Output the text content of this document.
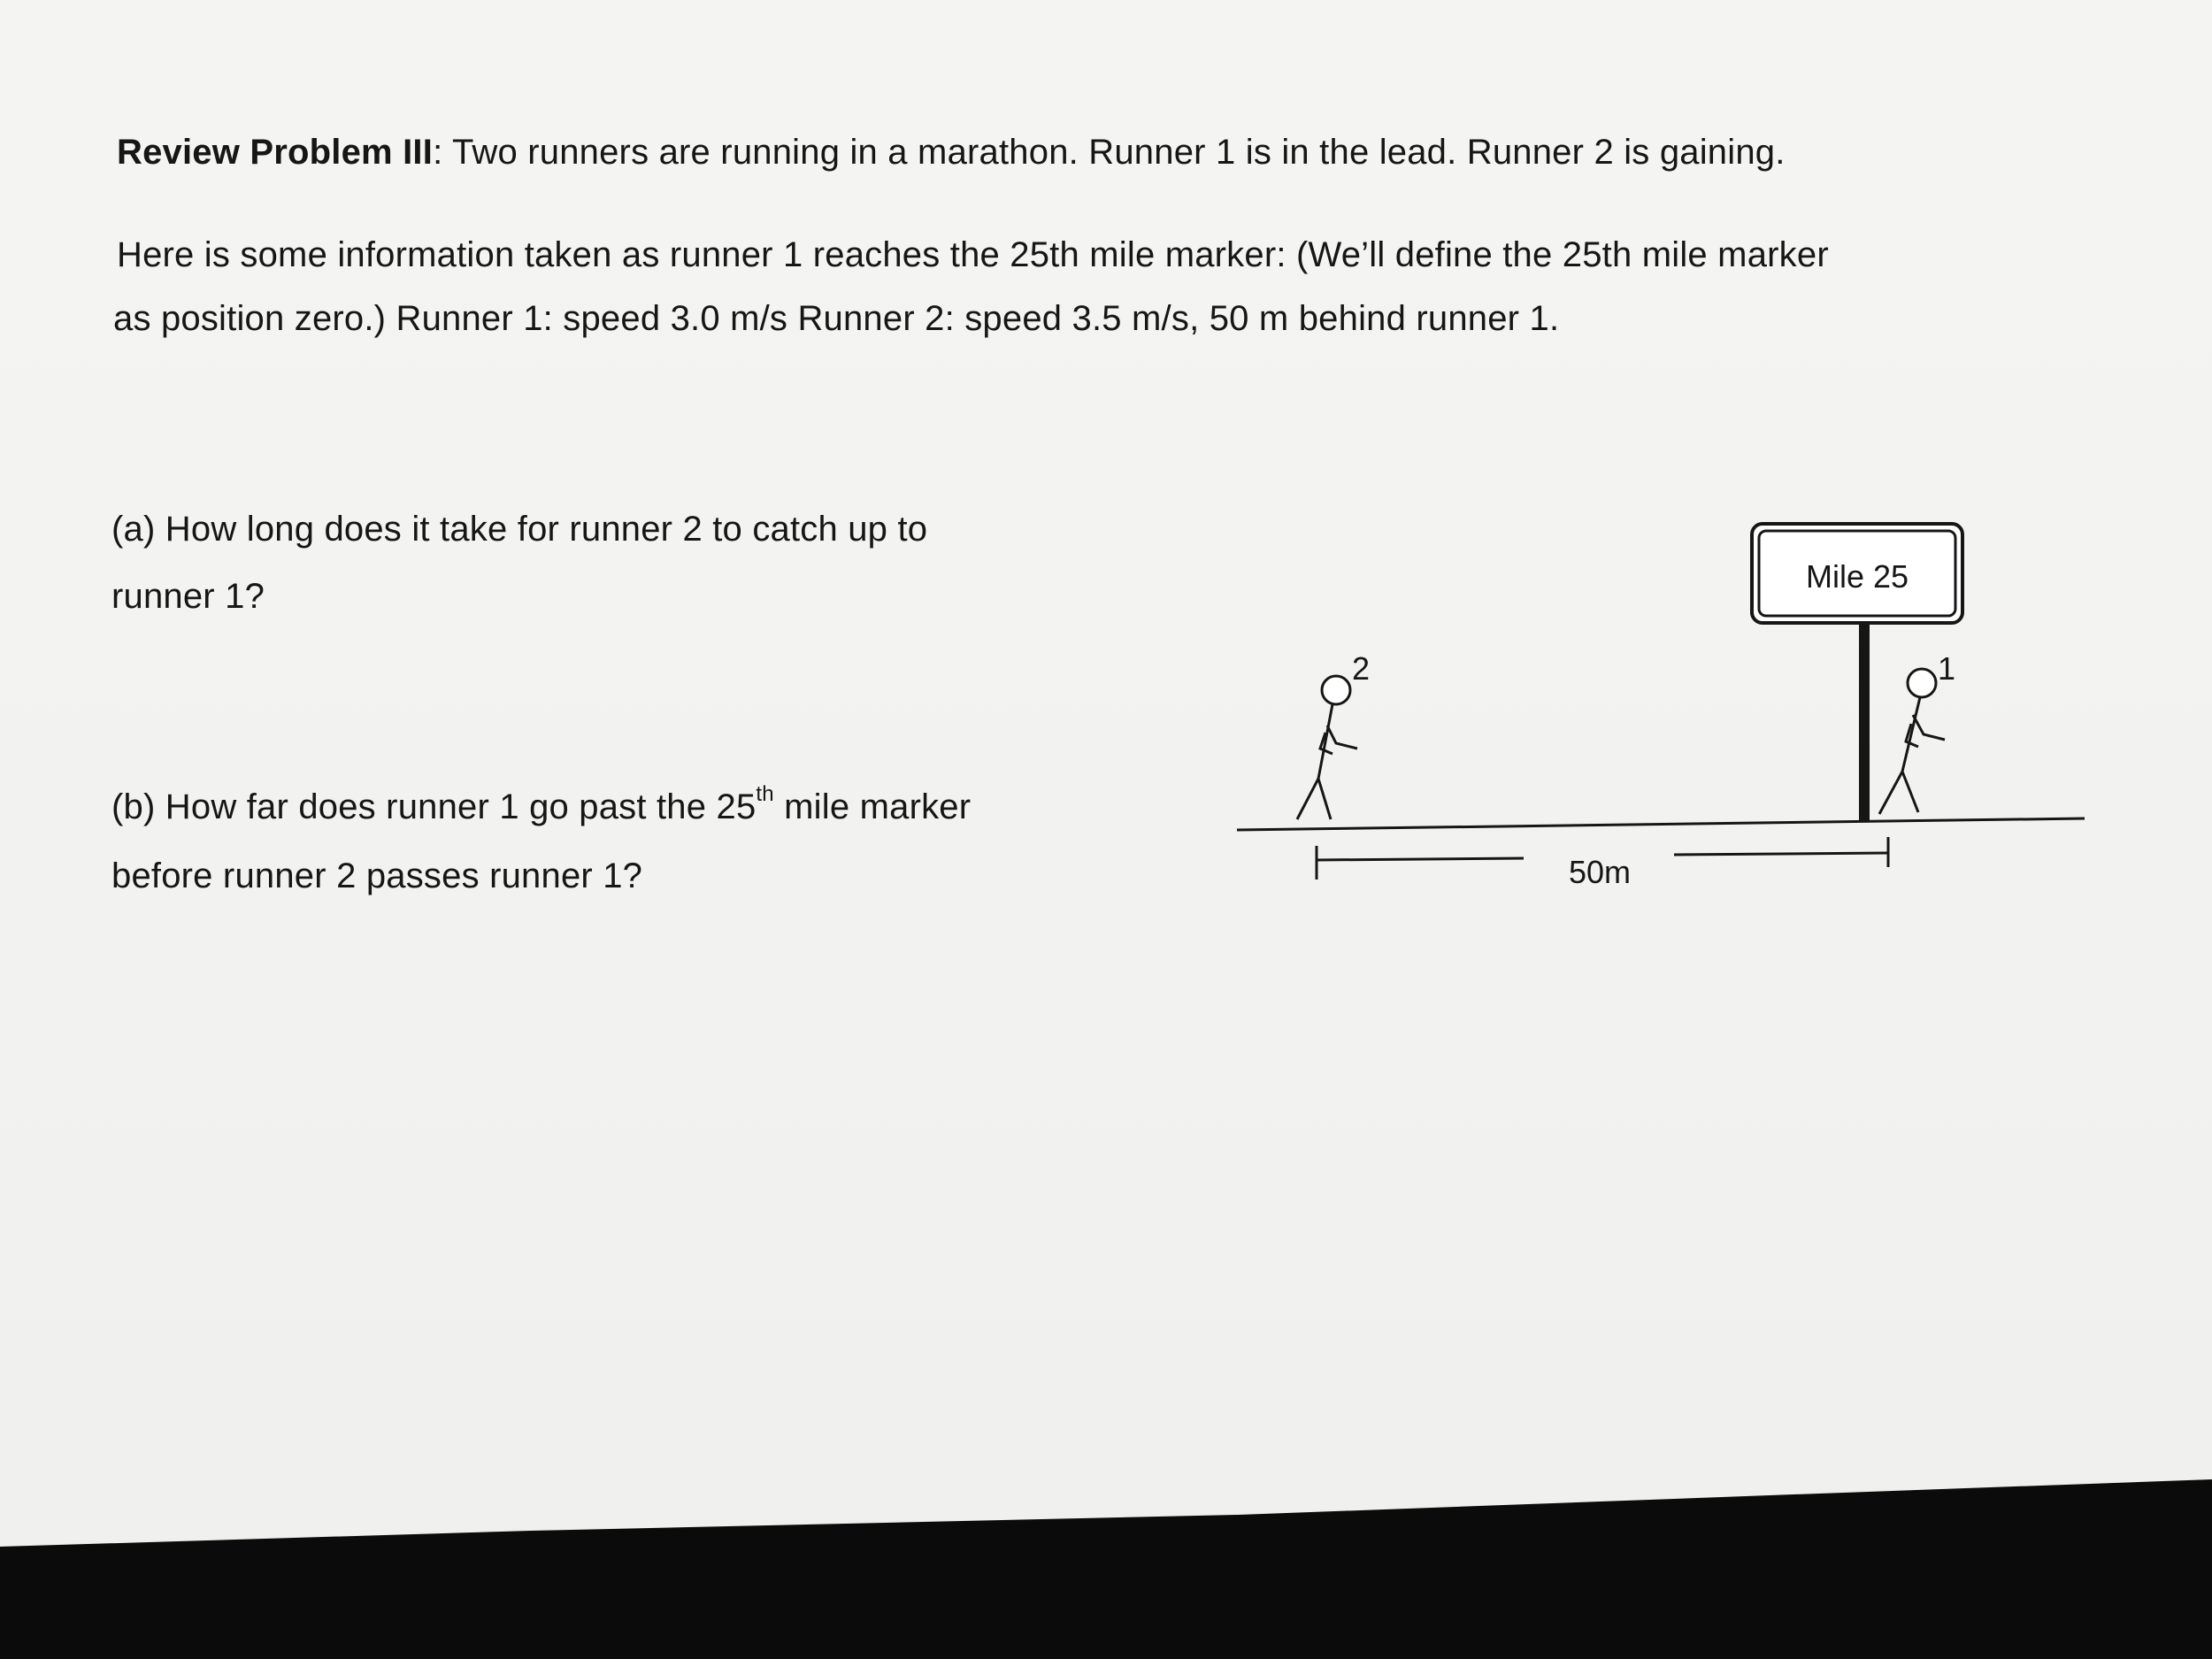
Review Problem III: Two runners are running in a marathon. Runner 1 is in the lead. Runner 2 is gaining.
Here is some information taken as runner 1 reaches the 25th mile marker: (We’ll define the 25th mile marker
as position zero.) Runner 1: speed 3.0 m/s Runner 2: speed 3.5 m/s, 50 m behind runner 1.
(a) How long does it take for runner 2 to catch up to
runner 1?
(b) How far does runner 1 go past the 25th mile marker
before runner 2 passes runner 1?
Mile 25
2	1
50m
